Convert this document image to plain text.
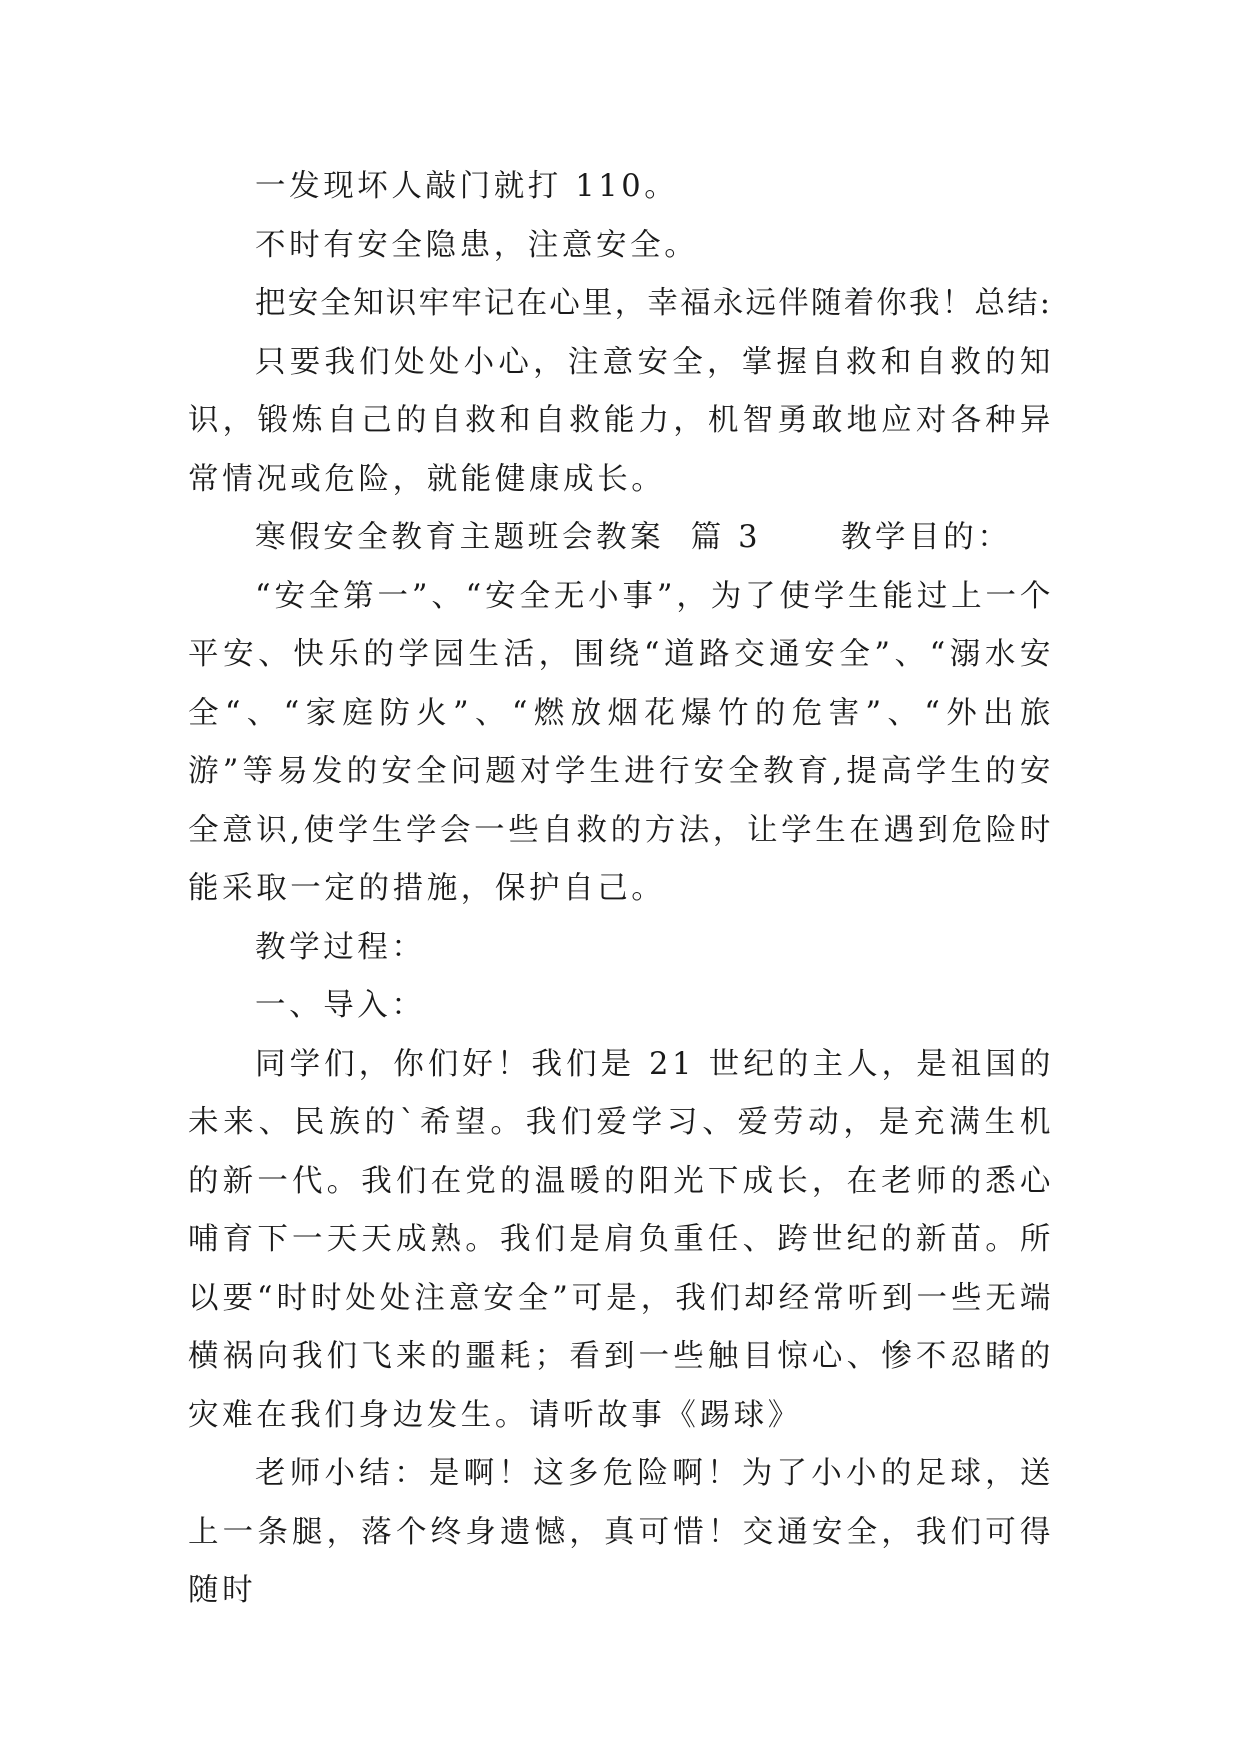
一发现坏人敲门就打 110。

不时有安全隐患，注意安全。

把安全知识牢牢记在心里，幸福永远伴随着你我！总结:

只要我们处处小心，注意安全，掌握自救和自救的知识，锻炼自己的自救和自救能力，机智勇敢地应对各种异常情况或危险，就能健康成长。

寒假安全教育主题班会教案  篇 3      教学目的：

“安全第一”、“安全无小事”，为了使学生能过上一个平安、快乐的学园生活，围绕“道路交通安全”、“溺水安全“、“家庭防火”、“燃放烟花爆竹的危害”、“外出旅游”等易发的安全问题对学生进行安全教育,提高学生的安全意识,使学生学会一些自救的方法，让学生在遇到危险时能采取一定的措施，保护自己。

教学过程：

一、导入：

同学们，你们好！我们是 21 世纪的主人，是祖国的未来、民族的`希望。我们爱学习、爱劳动，是充满生机的新一代。我们在党的温暖的阳光下成长，在老师的悉心哺育下一天天成熟。我们是肩负重任、跨世纪的新苗。所以要“时时处处注意安全”可是，我们却经常听到一些无端横祸向我们飞来的噩耗；看到一些触目惊心、惨不忍睹的灾难在我们身边发生。请听故事《踢球》

老师小结：是啊！这多危险啊！为了小小的足球，送上一条腿，落个终身遗憾，真可惜！交通安全，我们可得随时
